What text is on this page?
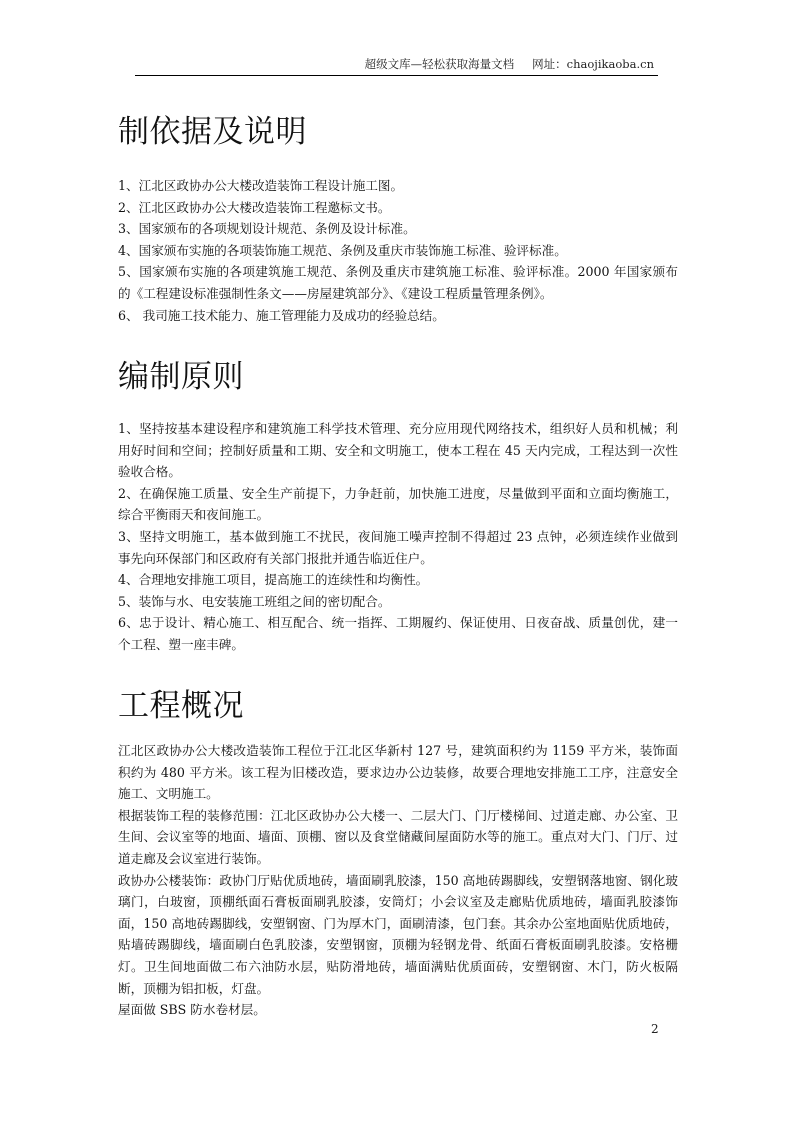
超级文库—轻松获取海量文档 网址：chaojikaoba.cn
制依据及说明

1、江北区政协办公大楼改造装饰工程设计施工图。

2、江北区政协办公大楼改造装饰工程邀标文书。

3、国家颁布的各项规划设计规范、条例及设计标准。

4、国家颁布实施的各项装饰施工规范、条例及重庆市装饰施工标准、验评标准。

5、国家颁布实施的各项建筑施工规范、条例及重庆市建筑施工标准、验评标准。2000 年国家颁布的《工程建设标准强制性条文——房屋建筑部分》、《建设工程质量管理条例》。

6、 我司施工技术能力、施工管理能力及成功的经验总结。

编制原则

1、坚持按基本建设程序和建筑施工科学技术管理、充分应用现代网络技术，组织好人员和机械；利用好时间和空间；控制好质量和工期、安全和文明施工，使本工程在 45 天内完成，工程达到一次性验收合格。

2、在确保施工质量、安全生产前提下，力争赶前，加快施工进度，尽量做到平面和立面均衡施工，综合平衡雨天和夜间施工。

3、坚持文明施工，基本做到施工不扰民，夜间施工噪声控制不得超过 23 点钟，必须连续作业做到事先向环保部门和区政府有关部门报批并通告临近住户。

4、合理地安排施工项目，提高施工的连续性和均衡性。

5、装饰与水、电安装施工班组之间的密切配合。

6、忠于设计、精心施工、相互配合、统一指挥、工期履约、保证使用、日夜奋战、质量创优，建一个工程、塑一座丰碑。

工程概况

江北区政协办公大楼改造装饰工程位于江北区华新村 127 号，建筑面积约为 1159 平方米，装饰面积约为 480 平方米。该工程为旧楼改造，要求边办公边装修，故要合理地安排施工工序，注意安全施工、文明施工。

根据装饰工程的装修范围：江北区政协办公大楼一、二层大门、门厅楼梯间、过道走廊、办公室、卫生间、会议室等的地面、墙面、顶棚、窗以及食堂储藏间屋面防水等的施工。重点对大门、门厅、过道走廊及会议室进行装饰。

政协办公楼装饰：政协门厅贴优质地砖，墙面刷乳胶漆，150 高地砖踢脚线，安塑钢落地窗、钢化玻璃门，白玻窗，顶棚纸面石膏板面刷乳胶漆，安筒灯；小会议室及走廊贴优质地砖，墙面乳胶漆饰面，150 高地砖踢脚线，安塑钢窗、门为厚木门，面刷清漆，包门套。其余办公室地面贴优质地砖，贴墙砖踢脚线，墙面刷白色乳胶漆，安塑钢窗，顶棚为轻钢龙骨、纸面石膏板面刷乳胶漆。安格栅灯。卫生间地面做二布六油防水层，贴防滑地砖，墙面满贴优质面砖，安塑钢窗、木门，防火板隔断，顶棚为铝扣板，灯盘。

屋面做 SBS 防水卷材层。

2
